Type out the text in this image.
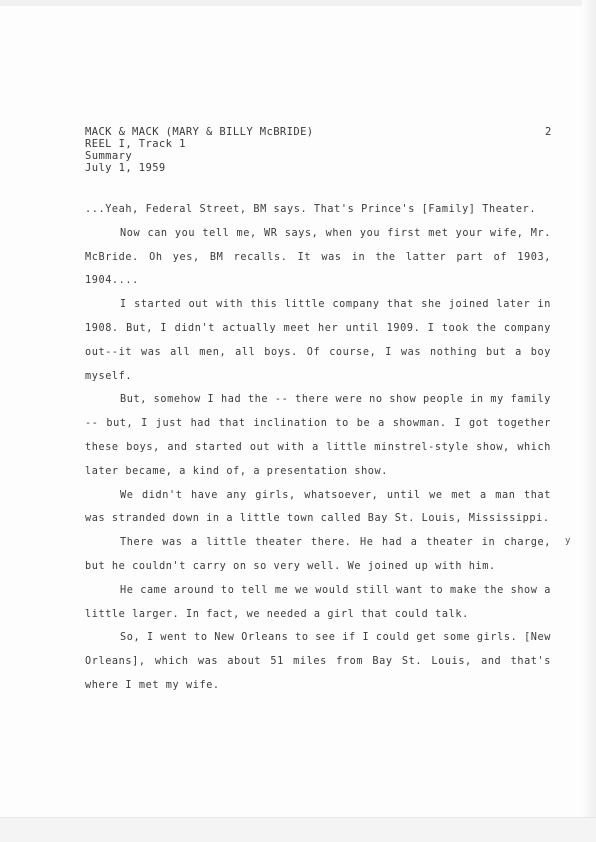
MACK & MACK (MARY & BILLY McBRIDE)
REEL I, Track 1
Summary
July 1, 1959
2

...Yeah, Federal Street, BM says. That's Prince's [Family] Theater.

Now can you tell me, WR says, when you first met your wife, Mr. McBride. Oh yes, BM recalls. It was in the latter part of 1903, 1904....

I started out with this little company that she joined later in 1908. But, I didn't actually meet her until 1909. I took the company out--it was all men, all boys. Of course, I was nothing but a boy myself.

But, somehow I had the -- there were no show people in my family -- but, I just had that inclination to be a showman. I got together these boys, and started out with a little minstrel-style show, which later became, a kind of, a presentation show.

We didn't have any girls, whatsoever, until we met a man that was stranded down in a little town called Bay St. Louis, Mississippi.

There was a little theater there. He had a theater in charge, but he couldn't carry on so very well. We joined up with him.

He came around to tell me we would still want to make the show a little larger. In fact, we needed a girl that could talk.

So, I went to New Orleans to see if I could get some girls. [New Orleans], which was about 51 miles from Bay St. Louis, and that's where I met my wife.

y
